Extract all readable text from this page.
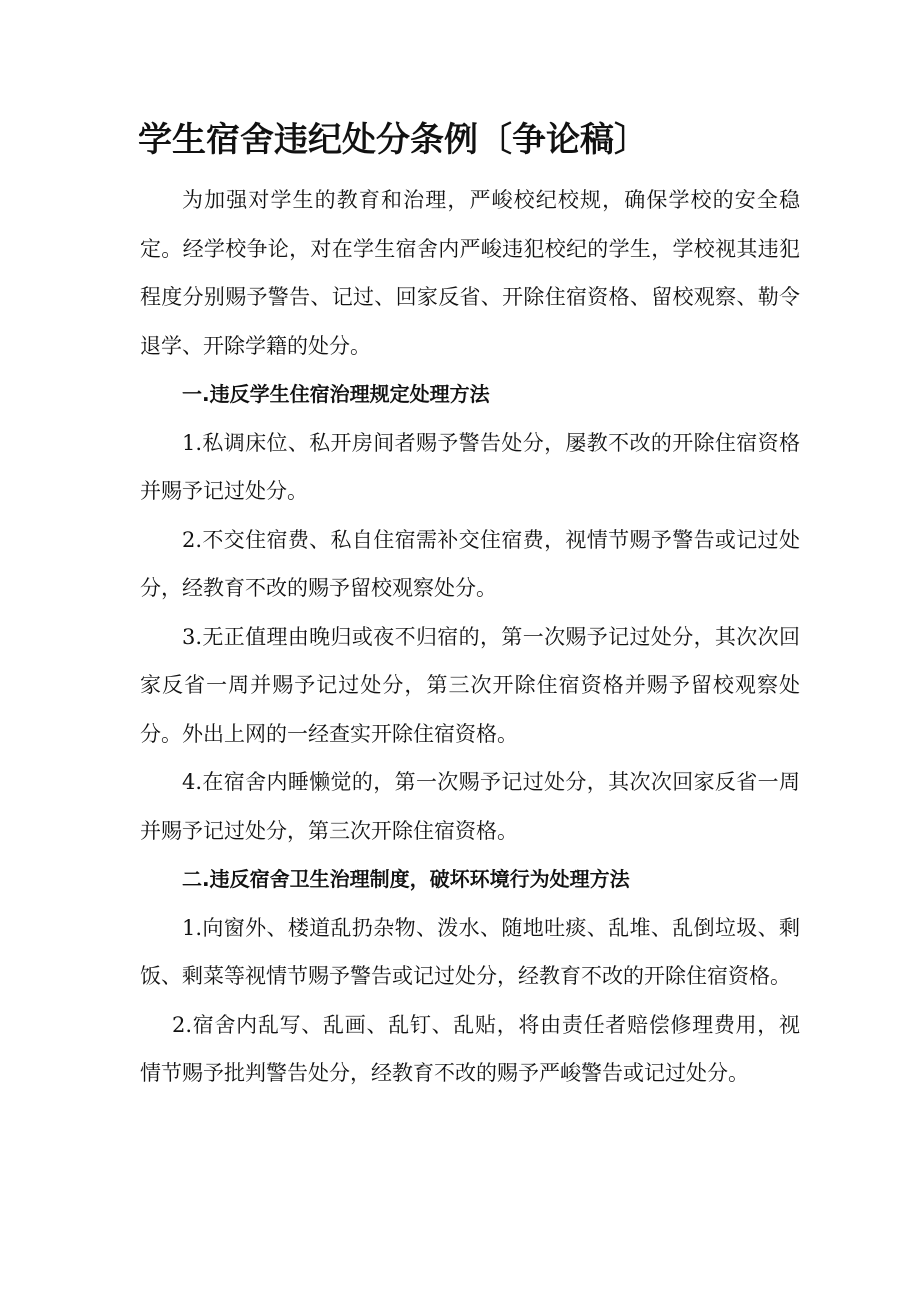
学生宿舍违纪处分条例〔争论稿〕

为加强对学生的教育和治理，严峻校纪校规，确保学校的安全稳定。经学校争论，对在学生宿舍内严峻违犯校纪的学生，学校视其违犯程度分别赐予警告、记过、回家反省、开除住宿资格、留校观察、勒令退学、开除学籍的处分。

一.违反学生住宿治理规定处理方法

1.私调床位、私开房间者赐予警告处分，屡教不改的开除住宿资格并赐予记过处分。

2.不交住宿费、私自住宿需补交住宿费，视情节赐予警告或记过处分，经教育不改的赐予留校观察处分。

3.无正值理由晚归或夜不归宿的，第一次赐予记过处分，其次次回家反省一周并赐予记过处分，第三次开除住宿资格并赐予留校观察处分。外出上网的一经查实开除住宿资格。

4.在宿舍内睡懒觉的，第一次赐予记过处分，其次次回家反省一周并赐予记过处分，第三次开除住宿资格。

二.违反宿舍卫生治理制度，破坏环境行为处理方法

1.向窗外、楼道乱扔杂物、泼水、随地吐痰、乱堆、乱倒垃圾、剩饭、剩菜等视情节赐予警告或记过处分，经教育不改的开除住宿资格。

2.宿舍内乱写、乱画、乱钉、乱贴，将由责任者赔偿修理费用，视情节赐予批判警告处分，经教育不改的赐予严峻警告或记过处分。
